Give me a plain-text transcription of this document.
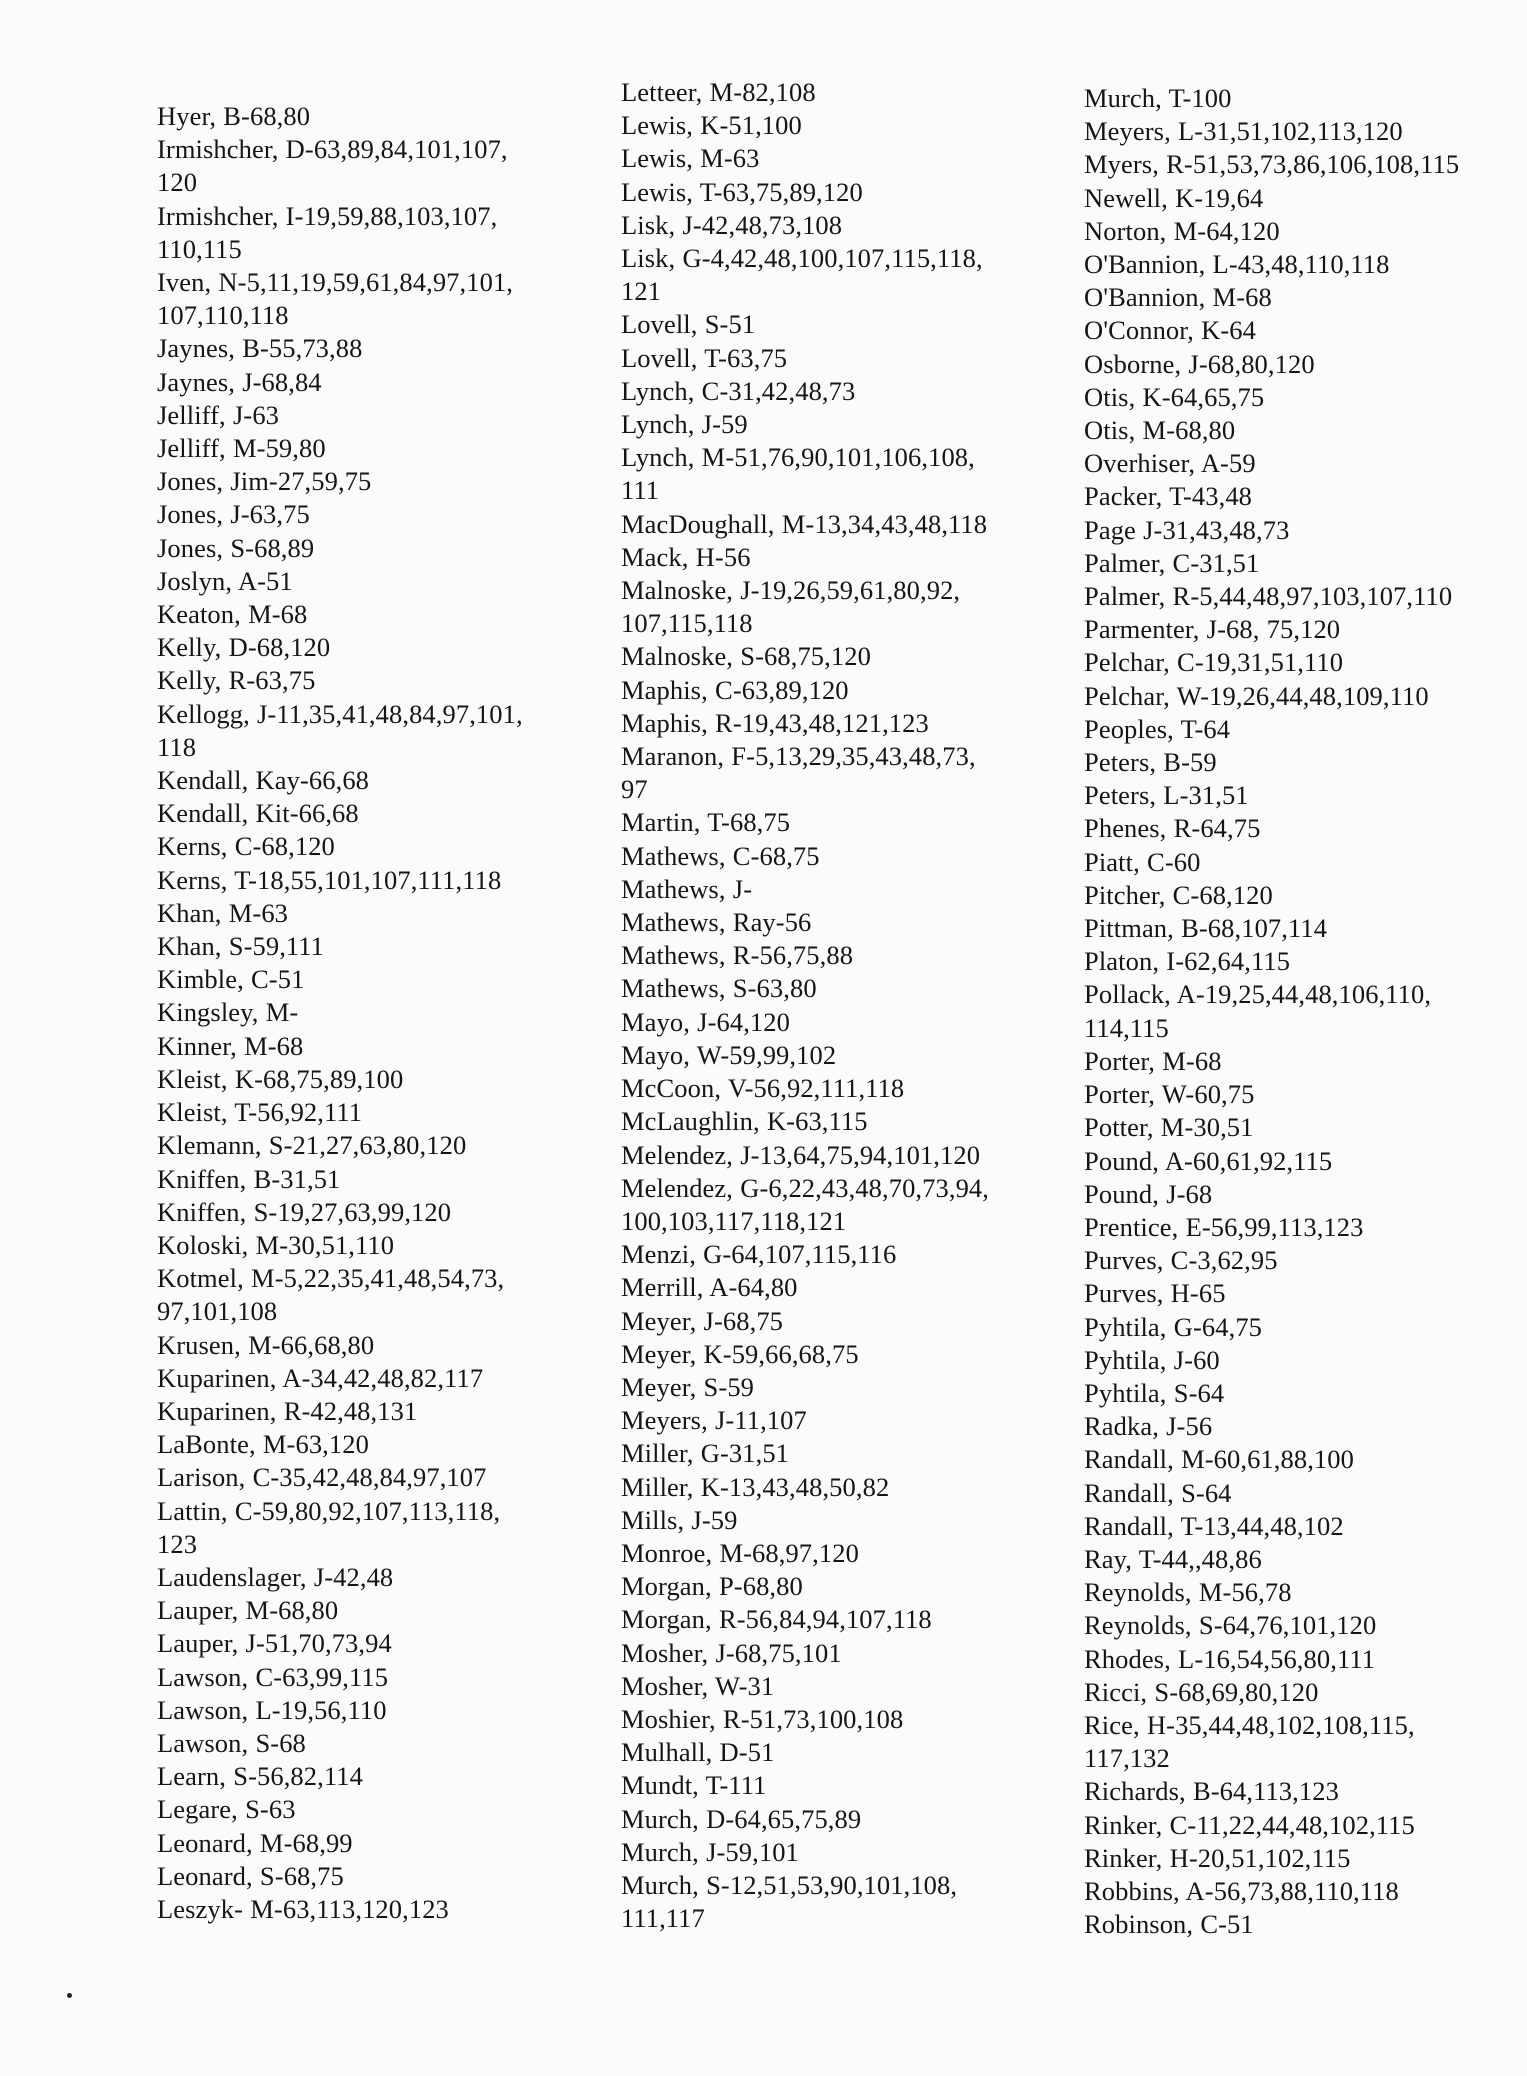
Hyer, B-68,80
Irmishcher, D-63,89,84,101,107,
120
Irmishcher, I-19,59,88,103,107,
110,115
Iven, N-5,11,19,59,61,84,97,101,
107,110,118
Jaynes, B-55,73,88
Jaynes, J-68,84
Jelliff, J-63
Jelliff, M-59,80
Jones, Jim-27,59,75
Jones, J-63,75
Jones, S-68,89
Joslyn, A-51
Keaton, M-68
Kelly, D-68,120
Kelly, R-63,75
Kellogg, J-11,35,41,48,84,97,101,
118
Kendall, Kay-66,68
Kendall, Kit-66,68
Kerns, C-68,120
Kerns, T-18,55,101,107,111,118
Khan, M-63
Khan, S-59,111
Kimble, C-51
Kingsley, M-
Kinner, M-68
Kleist, K-68,75,89,100
Kleist, T-56,92,111
Klemann, S-21,27,63,80,120
Kniffen, B-31,51
Kniffen, S-19,27,63,99,120
Koloski, M-30,51,110
Kotmel, M-5,22,35,41,48,54,73,
97,101,108
Krusen, M-66,68,80
Kuparinen, A-34,42,48,82,117
Kuparinen, R-42,48,131
LaBonte, M-63,120
Larison, C-35,42,48,84,97,107
Lattin, C-59,80,92,107,113,118,
123
Laudenslager, J-42,48
Lauper, M-68,80
Lauper, J-51,70,73,94
Lawson, C-63,99,115
Lawson, L-19,56,110
Lawson, S-68
Learn, S-56,82,114
Legare, S-63
Leonard, M-68,99
Leonard, S-68,75
Leszyk- M-63,113,120,123
Letteer, M-82,108
Lewis, K-51,100
Lewis, M-63
Lewis, T-63,75,89,120
Lisk, J-42,48,73,108
Lisk, G-4,42,48,100,107,115,118,
121
Lovell, S-51
Lovell, T-63,75
Lynch, C-31,42,48,73
Lynch, J-59
Lynch, M-51,76,90,101,106,108,
111
MacDoughall, M-13,34,43,48,118
Mack, H-56
Malnoske, J-19,26,59,61,80,92,
107,115,118
Malnoske, S-68,75,120
Maphis, C-63,89,120
Maphis, R-19,43,48,121,123
Maranon, F-5,13,29,35,43,48,73,
97
Martin, T-68,75
Mathews, C-68,75
Mathews, J-
Mathews, Ray-56
Mathews, R-56,75,88
Mathews, S-63,80
Mayo, J-64,120
Mayo, W-59,99,102
McCoon, V-56,92,111,118
McLaughlin, K-63,115
Melendez, J-13,64,75,94,101,120
Melendez, G-6,22,43,48,70,73,94,
100,103,117,118,121
Menzi, G-64,107,115,116
Merrill, A-64,80
Meyer, J-68,75
Meyer, K-59,66,68,75
Meyer, S-59
Meyers, J-11,107
Miller, G-31,51
Miller, K-13,43,48,50,82
Mills, J-59
Monroe, M-68,97,120
Morgan, P-68,80
Morgan, R-56,84,94,107,118
Mosher, J-68,75,101
Mosher, W-31
Moshier, R-51,73,100,108
Mulhall, D-51
Mundt, T-111
Murch, D-64,65,75,89
Murch, J-59,101
Murch, S-12,51,53,90,101,108,
111,117
Murch, T-100
Meyers, L-31,51,102,113,120
Myers, R-51,53,73,86,106,108,115
Newell, K-19,64
Norton, M-64,120
O'Bannion, L-43,48,110,118
O'Bannion, M-68
O'Connor, K-64
Osborne, J-68,80,120
Otis, K-64,65,75
Otis, M-68,80
Overhiser, A-59
Packer, T-43,48
Page J-31,43,48,73
Palmer, C-31,51
Palmer, R-5,44,48,97,103,107,110
Parmenter, J-68, 75,120
Pelchar, C-19,31,51,110
Pelchar, W-19,26,44,48,109,110
Peoples, T-64
Peters, B-59
Peters, L-31,51
Phenes, R-64,75
Piatt, C-60
Pitcher, C-68,120
Pittman, B-68,107,114
Platon, I-62,64,115
Pollack, A-19,25,44,48,106,110,
114,115
Porter, M-68
Porter, W-60,75
Potter, M-30,51
Pound, A-60,61,92,115
Pound, J-68
Prentice, E-56,99,113,123
Purves, C-3,62,95
Purves, H-65
Pyhtila, G-64,75
Pyhtila, J-60
Pyhtila, S-64
Radka, J-56
Randall, M-60,61,88,100
Randall, S-64
Randall, T-13,44,48,102
Ray, T-44,,48,86
Reynolds, M-56,78
Reynolds, S-64,76,101,120
Rhodes, L-16,54,56,80,111
Ricci, S-68,69,80,120
Rice, H-35,44,48,102,108,115,
117,132
Richards, B-64,113,123
Rinker, C-11,22,44,48,102,115
Rinker, H-20,51,102,115
Robbins, A-56,73,88,110,118
Robinson, C-51
